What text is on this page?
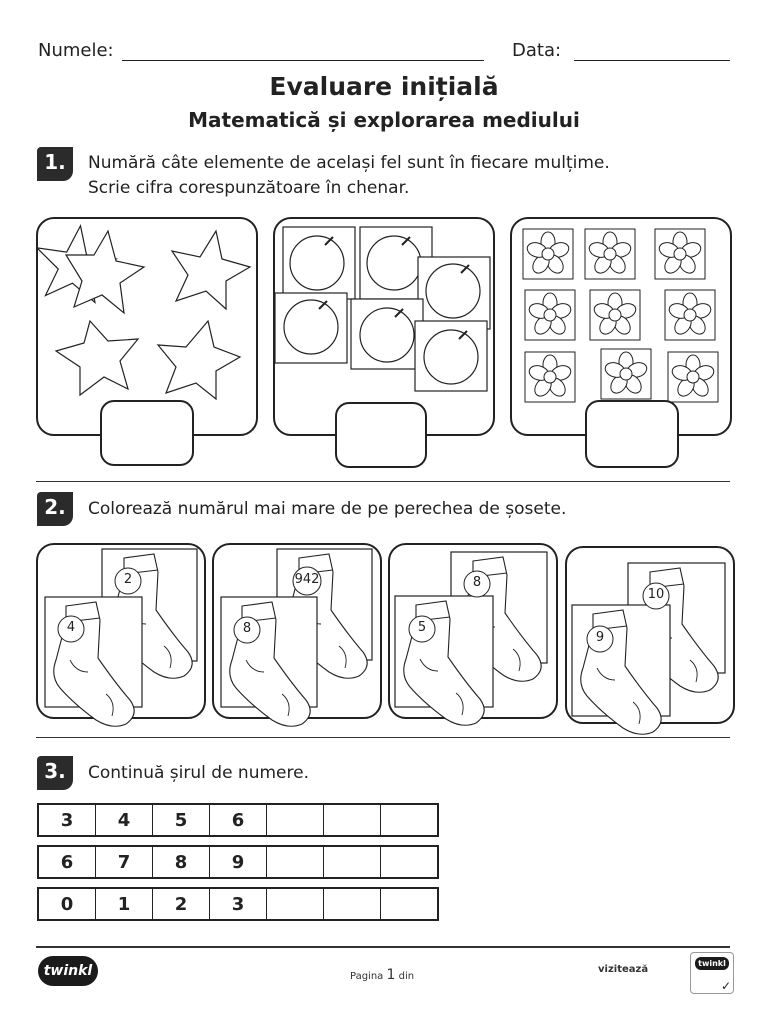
Numele:	Data:
Evaluare inițială
Matematică și explorarea mediului
1.	Numără câte elemente de același fel sunt în fiecare mulțime.
Scrie cifra corespunzătoare în chenar.
2.	Colorează numărul mai mare de pe perechea de șosete.
2
4
942
8
8
5
10
9
3.	Continuă șirul de numere.
3	4	5	6
6	7	8	9
0	1	2	3
twinkl	Pagina 1 din
vizitează
twinkl
✓
